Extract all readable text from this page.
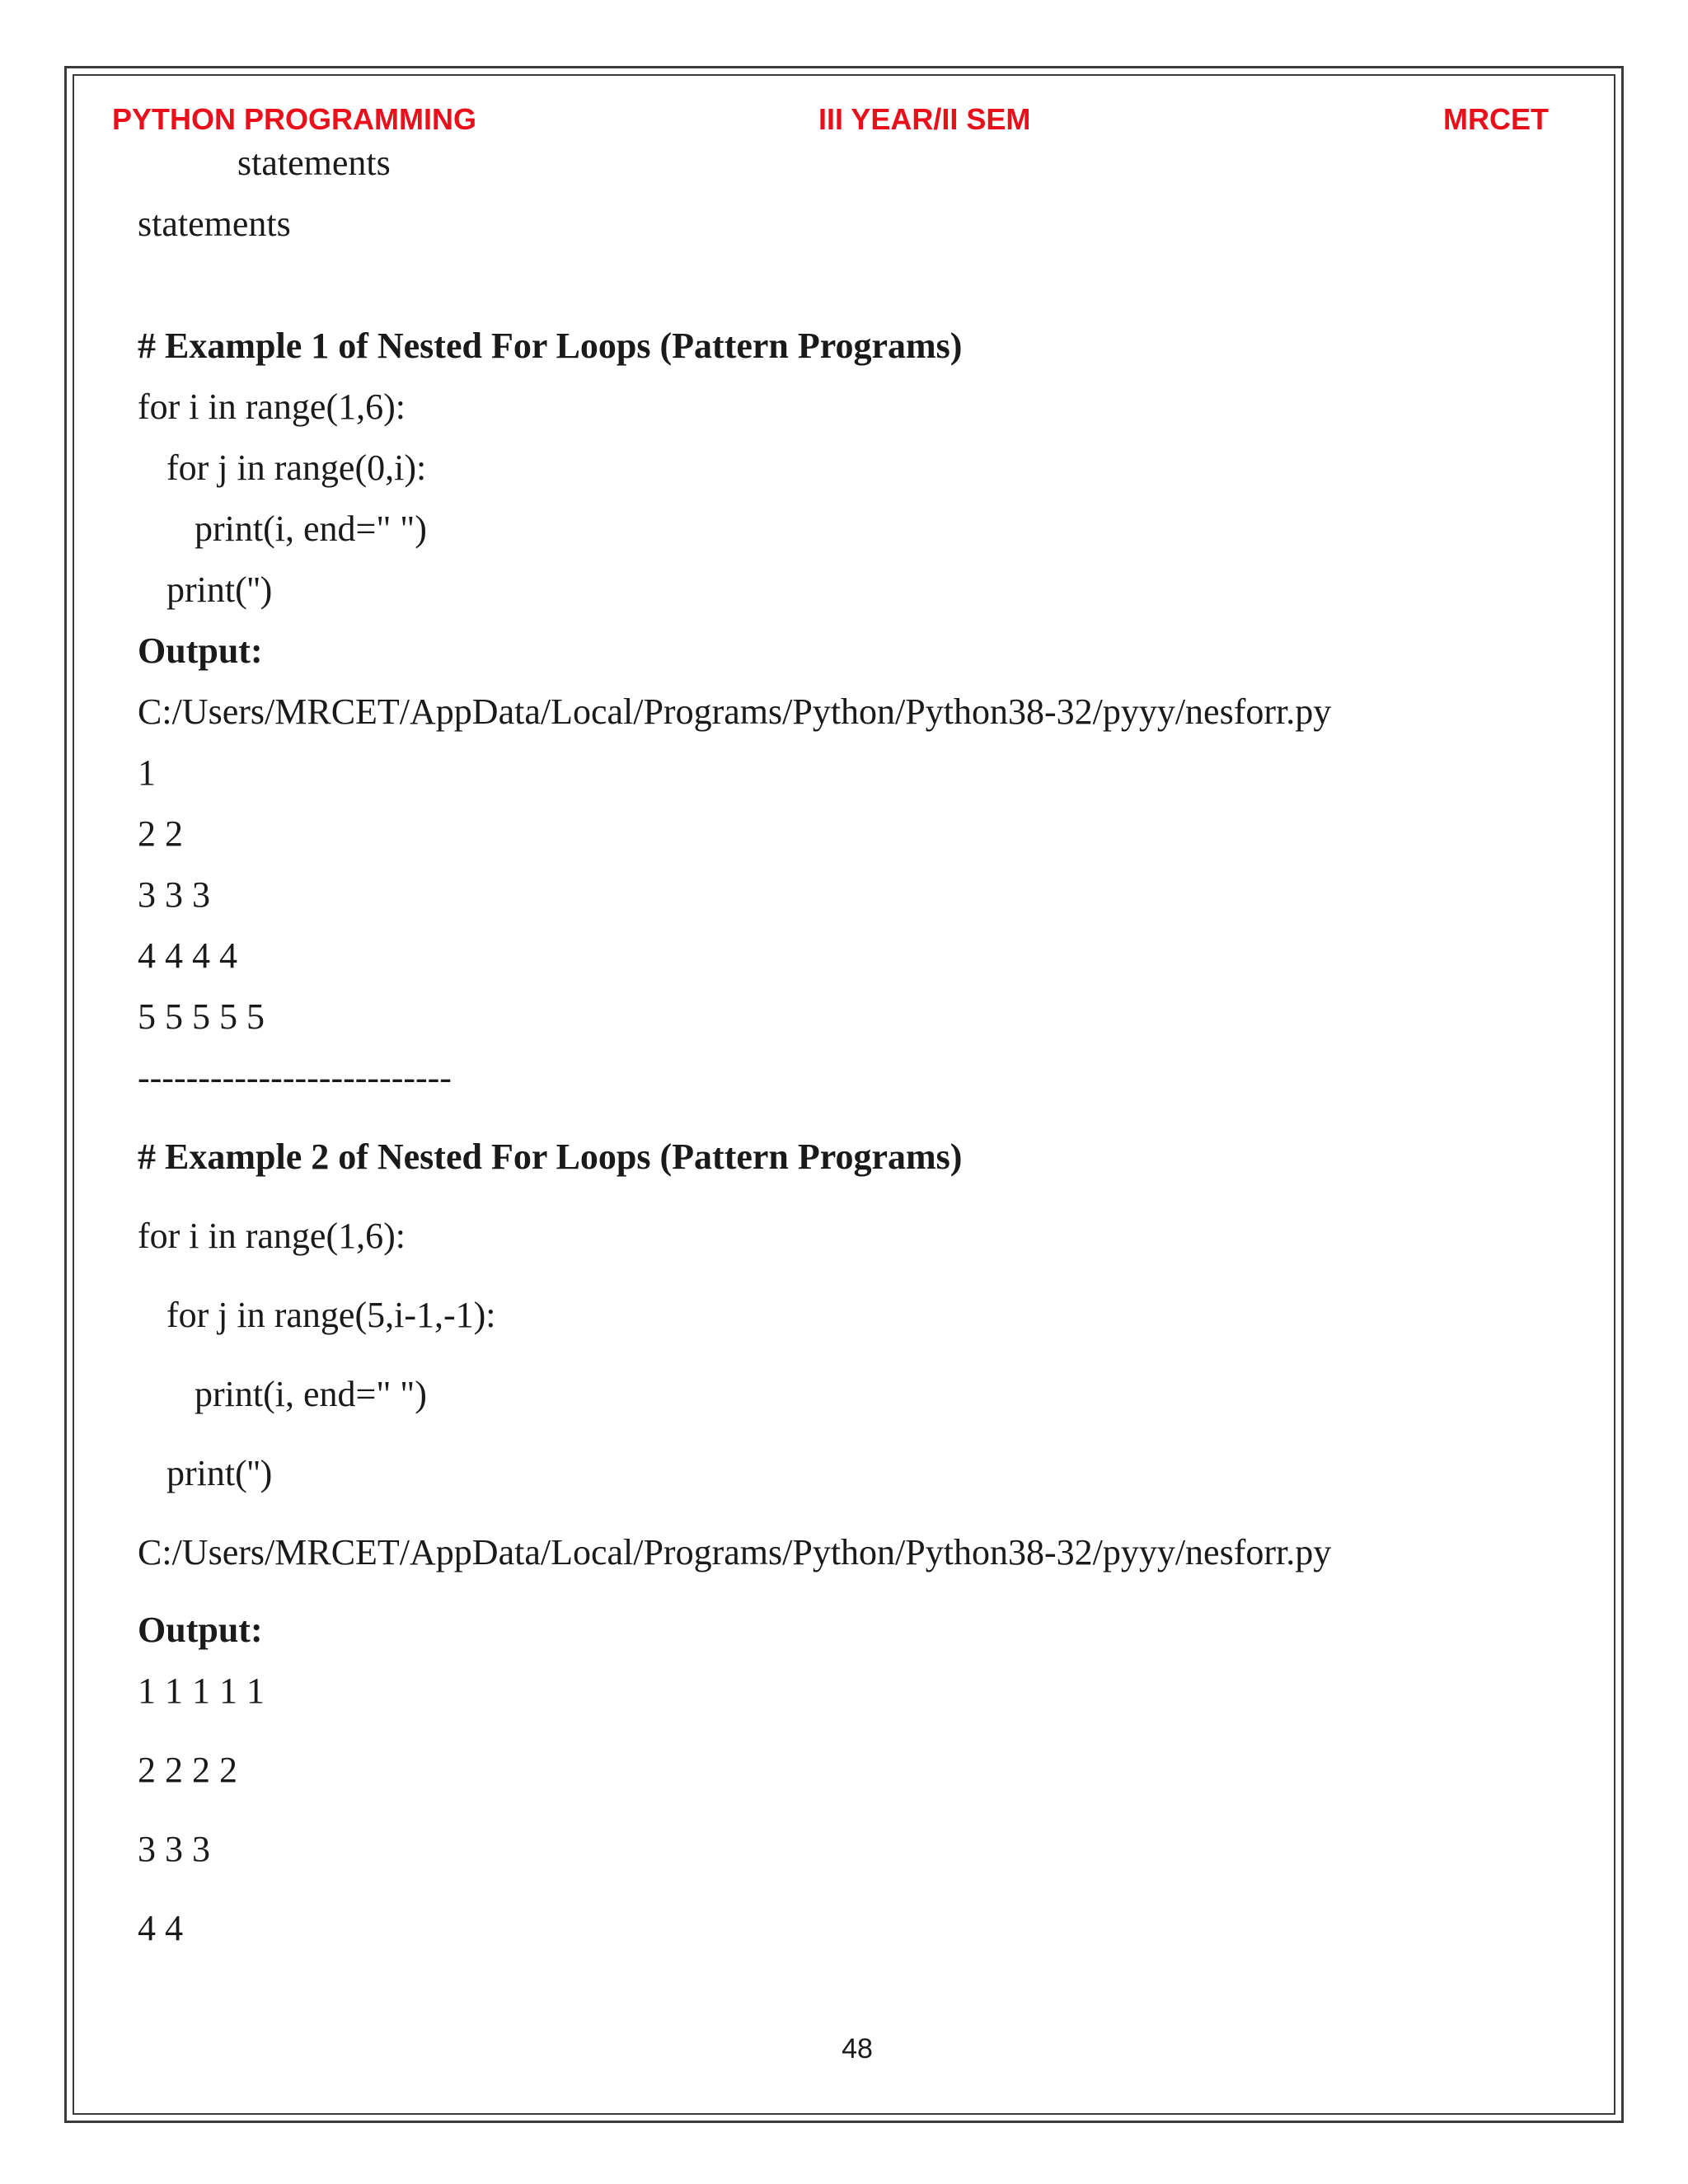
PYTHON PROGRAMMING	III YEAR/II SEM	MRCET
statements
statements
# Example 1 of Nested For Loops (Pattern Programs)
for i in range(1,6):
for j in range(0,i):
print(i, end=" ")
print('')
Output:
C:/Users/MRCET/AppData/Local/Programs/Python/Python38-32/pyyy/nesforr.py
1
2 2
3 3 3
4 4 4 4
5 5 5 5 5
--------------------------
# Example 2 of Nested For Loops (Pattern Programs)
for i in range(1,6):
for j in range(5,i-1,-1):
print(i, end=" ")
print('')
C:/Users/MRCET/AppData/Local/Programs/Python/Python38-32/pyyy/nesforr.py
Output:
1 1 1 1 1
2 2 2 2
3 3 3
4 4
48
